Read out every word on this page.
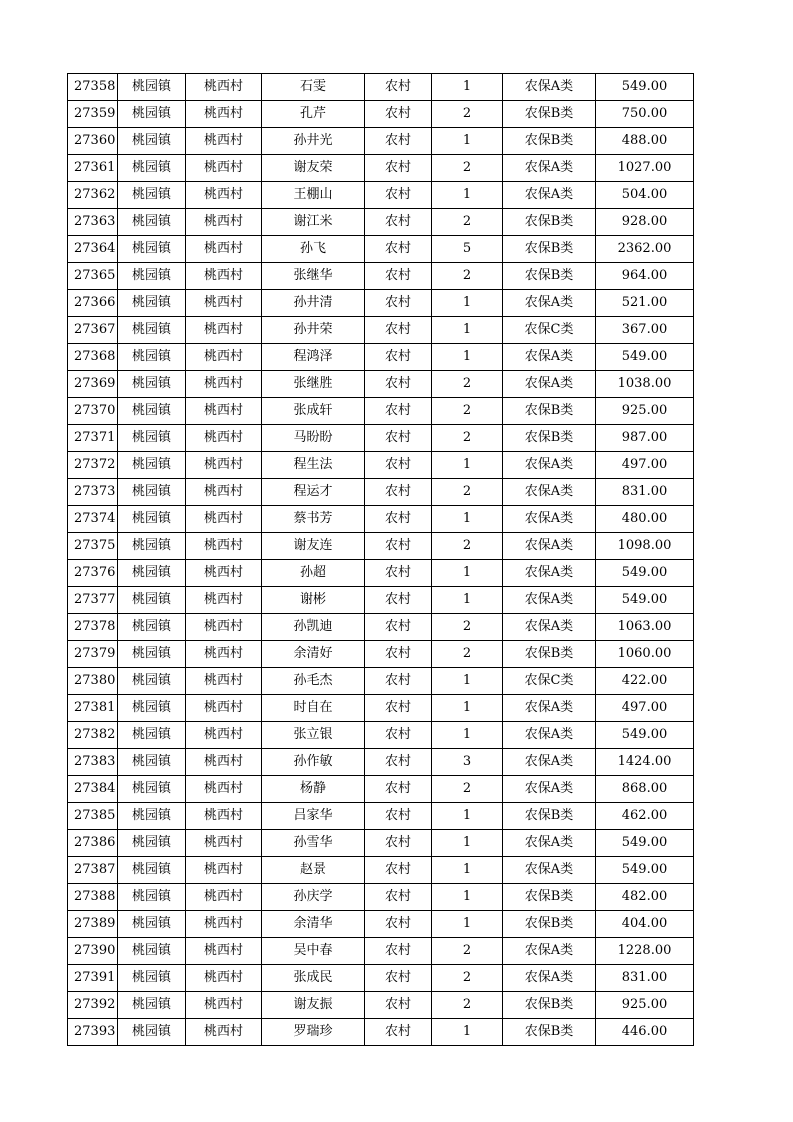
27358	桃园镇	桃西村	石雯	农村	1	农保A类	549.00
27359	桃园镇	桃西村	孔芹	农村	2	农保B类	750.00
27360	桃园镇	桃西村	孙井光	农村	1	农保B类	488.00
27361	桃园镇	桃西村	谢友荣	农村	2	农保A类	1027.00
27362	桃园镇	桃西村	王棚山	农村	1	农保A类	504.00
27363	桃园镇	桃西村	谢江米	农村	2	农保B类	928.00
27364	桃园镇	桃西村	孙飞	农村	5	农保B类	2362.00
27365	桃园镇	桃西村	张继华	农村	2	农保B类	964.00
27366	桃园镇	桃西村	孙井清	农村	1	农保A类	521.00
27367	桃园镇	桃西村	孙井荣	农村	1	农保C类	367.00
27368	桃园镇	桃西村	程鸿泽	农村	1	农保A类	549.00
27369	桃园镇	桃西村	张继胜	农村	2	农保A类	1038.00
27370	桃园镇	桃西村	张成轩	农村	2	农保B类	925.00
27371	桃园镇	桃西村	马盼盼	农村	2	农保B类	987.00
27372	桃园镇	桃西村	程生法	农村	1	农保A类	497.00
27373	桃园镇	桃西村	程运才	农村	2	农保A类	831.00
27374	桃园镇	桃西村	蔡书芳	农村	1	农保A类	480.00
27375	桃园镇	桃西村	谢友连	农村	2	农保A类	1098.00
27376	桃园镇	桃西村	孙超	农村	1	农保A类	549.00
27377	桃园镇	桃西村	谢彬	农村	1	农保A类	549.00
27378	桃园镇	桃西村	孙凯迪	农村	2	农保A类	1063.00
27379	桃园镇	桃西村	余清好	农村	2	农保B类	1060.00
27380	桃园镇	桃西村	孙毛杰	农村	1	农保C类	422.00
27381	桃园镇	桃西村	时自在	农村	1	农保A类	497.00
27382	桃园镇	桃西村	张立银	农村	1	农保A类	549.00
27383	桃园镇	桃西村	孙作敏	农村	3	农保A类	1424.00
27384	桃园镇	桃西村	杨静	农村	2	农保A类	868.00
27385	桃园镇	桃西村	吕家华	农村	1	农保B类	462.00
27386	桃园镇	桃西村	孙雪华	农村	1	农保A类	549.00
27387	桃园镇	桃西村	赵景	农村	1	农保A类	549.00
27388	桃园镇	桃西村	孙庆学	农村	1	农保B类	482.00
27389	桃园镇	桃西村	余清华	农村	1	农保B类	404.00
27390	桃园镇	桃西村	吴中春	农村	2	农保A类	1228.00
27391	桃园镇	桃西村	张成民	农村	2	农保A类	831.00
27392	桃园镇	桃西村	谢友振	农村	2	农保B类	925.00
27393	桃园镇	桃西村	罗瑞珍	农村	1	农保B类	446.00
